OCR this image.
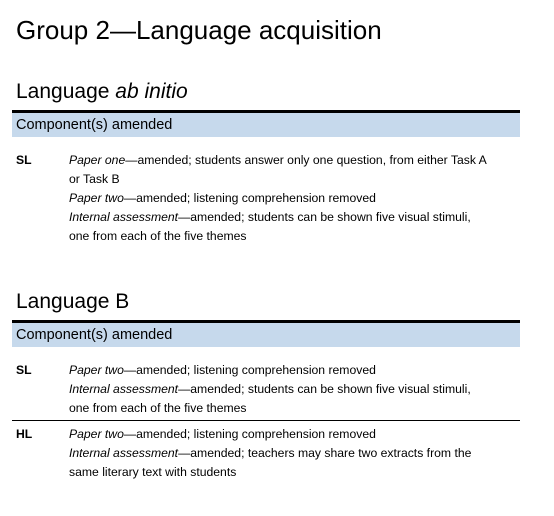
Group 2—Language acquisition
Language ab initio
Component(s) amended
SL	Paper one—amended; students answer only one question, from either Task A or Task B
Paper two—amended; listening comprehension removed
Internal assessment—amended; students can be shown five visual stimuli, one from each of the five themes
Language B
Component(s) amended
SL	Paper two—amended; listening comprehension removed
Internal assessment—amended; students can be shown five visual stimuli, one from each of the five themes
HL	Paper two—amended; listening comprehension removed
Internal assessment—amended; teachers may share two extracts from the same literary text with students
